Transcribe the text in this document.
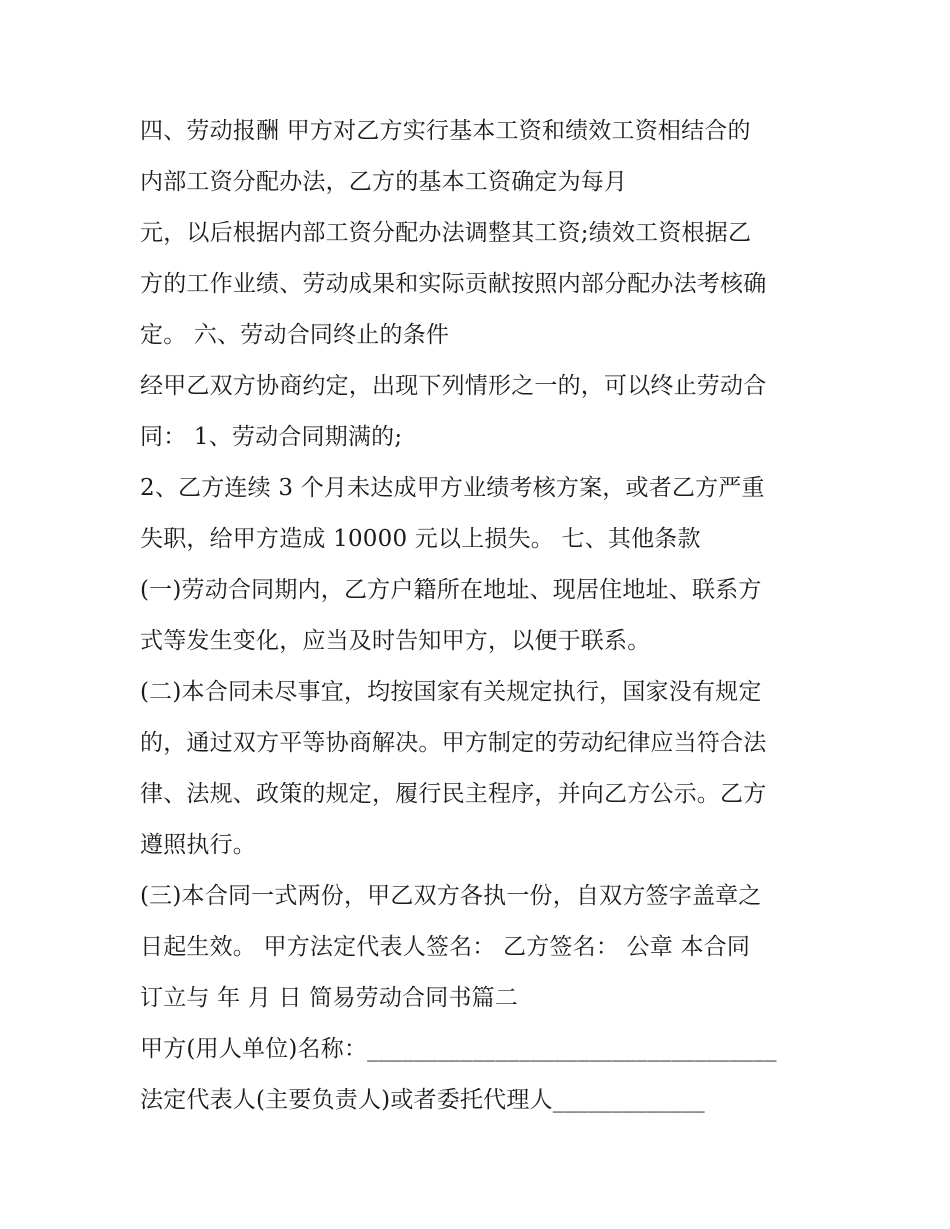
四、劳动报酬 甲方对乙方实行基本工资和绩效工资相结合的
内部工资分配办法，乙方的基本工资确定为每月
元，以后根据内部工资分配办法调整其工资;绩效工资根据乙
方的工作业绩、劳动成果和实际贡献按照内部分配办法考核确
定。 六、劳动合同终止的条件
经甲乙双方协商约定，出现下列情形之一的，可以终止劳动合
同： 1、劳动合同期满的;
2、乙方连续 3 个月未达成甲方业绩考核方案，或者乙方严重
失职，给甲方造成 10000 元以上损失。 七、其他条款
(一)劳动合同期内，乙方户籍所在地址、现居住地址、联系方
式等发生变化，应当及时告知甲方，以便于联系。
(二)本合同未尽事宜，均按国家有关规定执行，国家没有规定
的，通过双方平等协商解决。甲方制定的劳动纪律应当符合法
律、法规、政策的规定，履行民主程序，并向乙方公示。乙方
遵照执行。
(三)本合同一式两份，甲乙双方各执一份，自双方签字盖章之
日起生效。 甲方法定代表人签名： 乙方签名： 公章 本合同
订立与 年 月 日 简易劳动合同书篇二
甲方(用人单位)名称：___________________________________
法定代表人(主要负责人)或者委托代理人_____________
